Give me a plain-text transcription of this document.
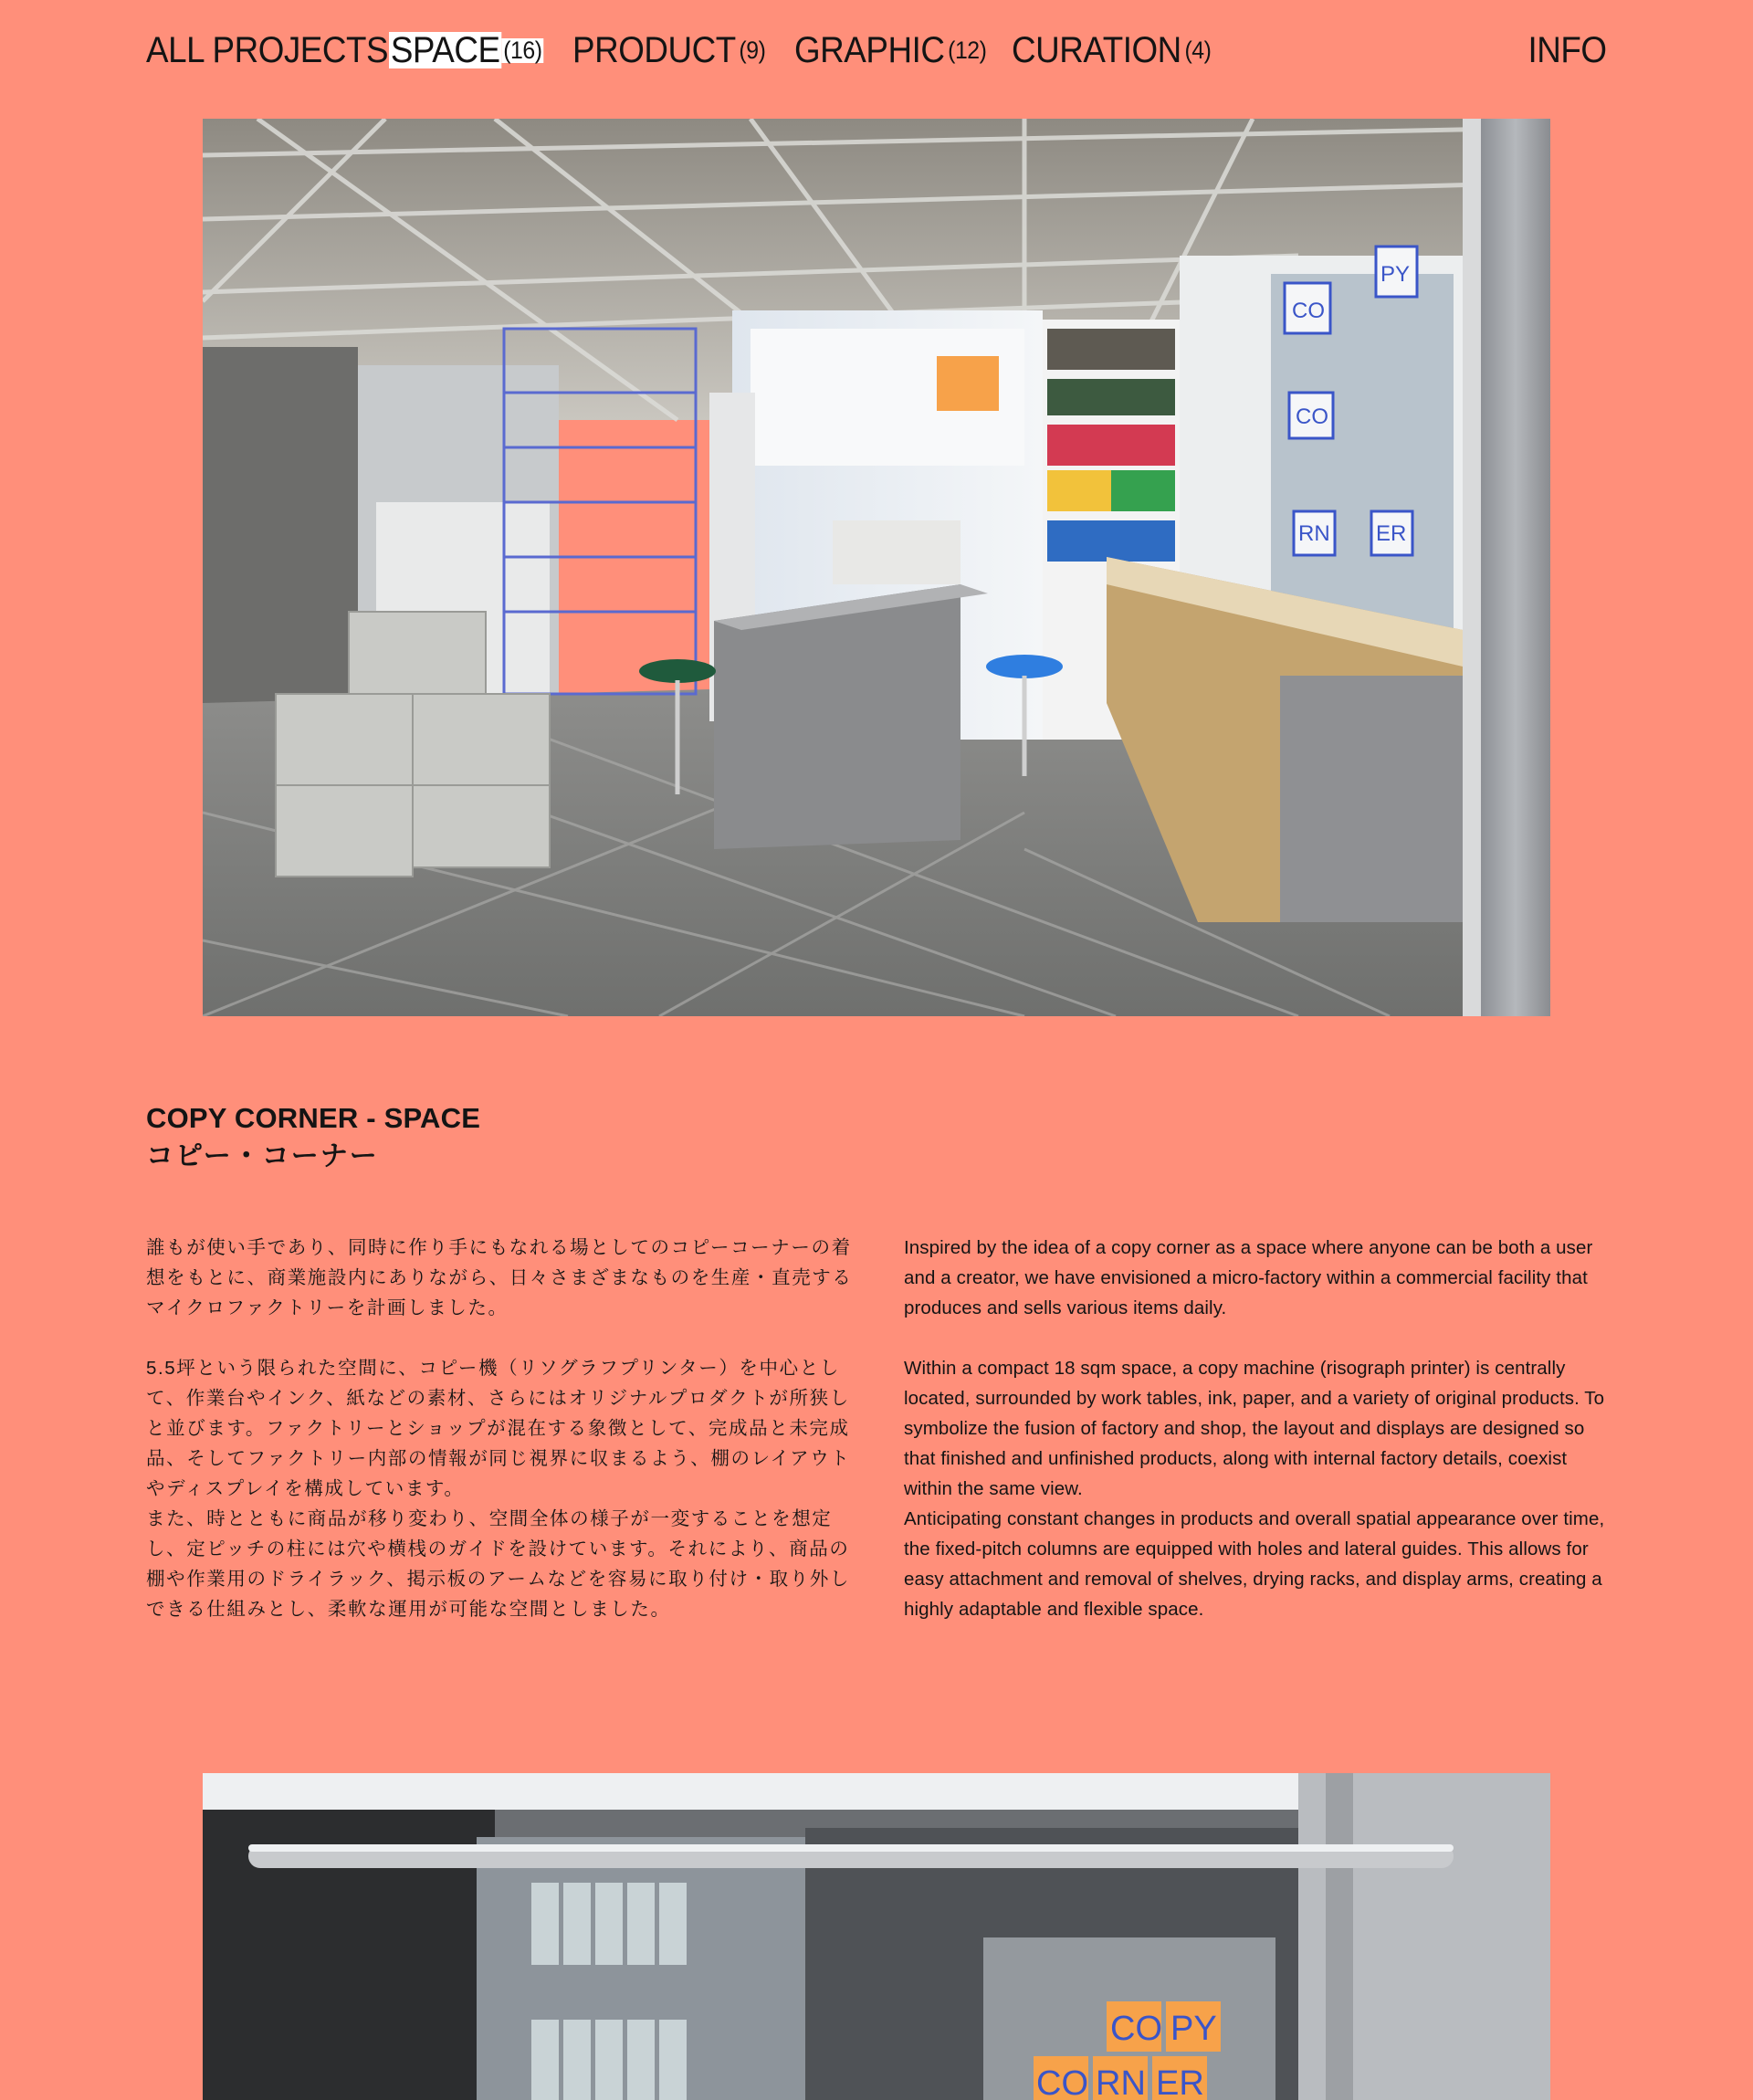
ALL PROJECTS SPACE (16) PRODUCT (9) GRAPHIC (12) CURATION (4)	INFO
CO
PY
CO
RN ER
COPY CORNER - SPACE
コピー・コーナー

誰もが使い手であり、同時に作り手にもなれる場としてのコピーコーナーの着想をもとに、商業施設内にありながら、日々さまざまなものを生産・直売するマイクロファクトリーを計画しました。

5.5坪という限られた空間に、コピー機（リソグラフプリンター）を中心として、作業台やインク、紙などの素材、さらにはオリジナルプロダクトが所狭しと並びます。ファクトリーとショップが混在する象徴として、完成品と未完成品、そしてファクトリー内部の情報が同じ視界に収まるよう、棚のレイアウトやディスプレイを構成しています。

また、時とともに商品が移り変わり、空間全体の様子が一変することを想定し、定ピッチの柱には穴や横桟のガイドを設けています。それにより、商品の棚や作業用のドライラック、掲示板のアームなどを容易に取り付け・取り外しできる仕組みとし、柔軟な運用が可能な空間としました。

Inspired by the idea of a copy corner as a space where anyone can be both a user and a creator, we have envisioned a micro-factory within a commercial facility that produces and sells various items daily.

Within a compact 18 sqm space, a copy machine (risograph printer) is centrally located, surrounded by work tables, ink, paper, and a variety of original products. To symbolize the fusion of factory and shop, the layout and displays are designed so that finished and unfinished products, along with internal factory details, coexist within the same view.

Anticipating constant changes in products and overall spatial appearance over time, the fixed-pitch columns are equipped with holes and lateral guides. This allows for easy attachment and removal of shelves, drying racks, and display arms, creating a highly adaptable and flexible space.

CO PY
CO RN ER
